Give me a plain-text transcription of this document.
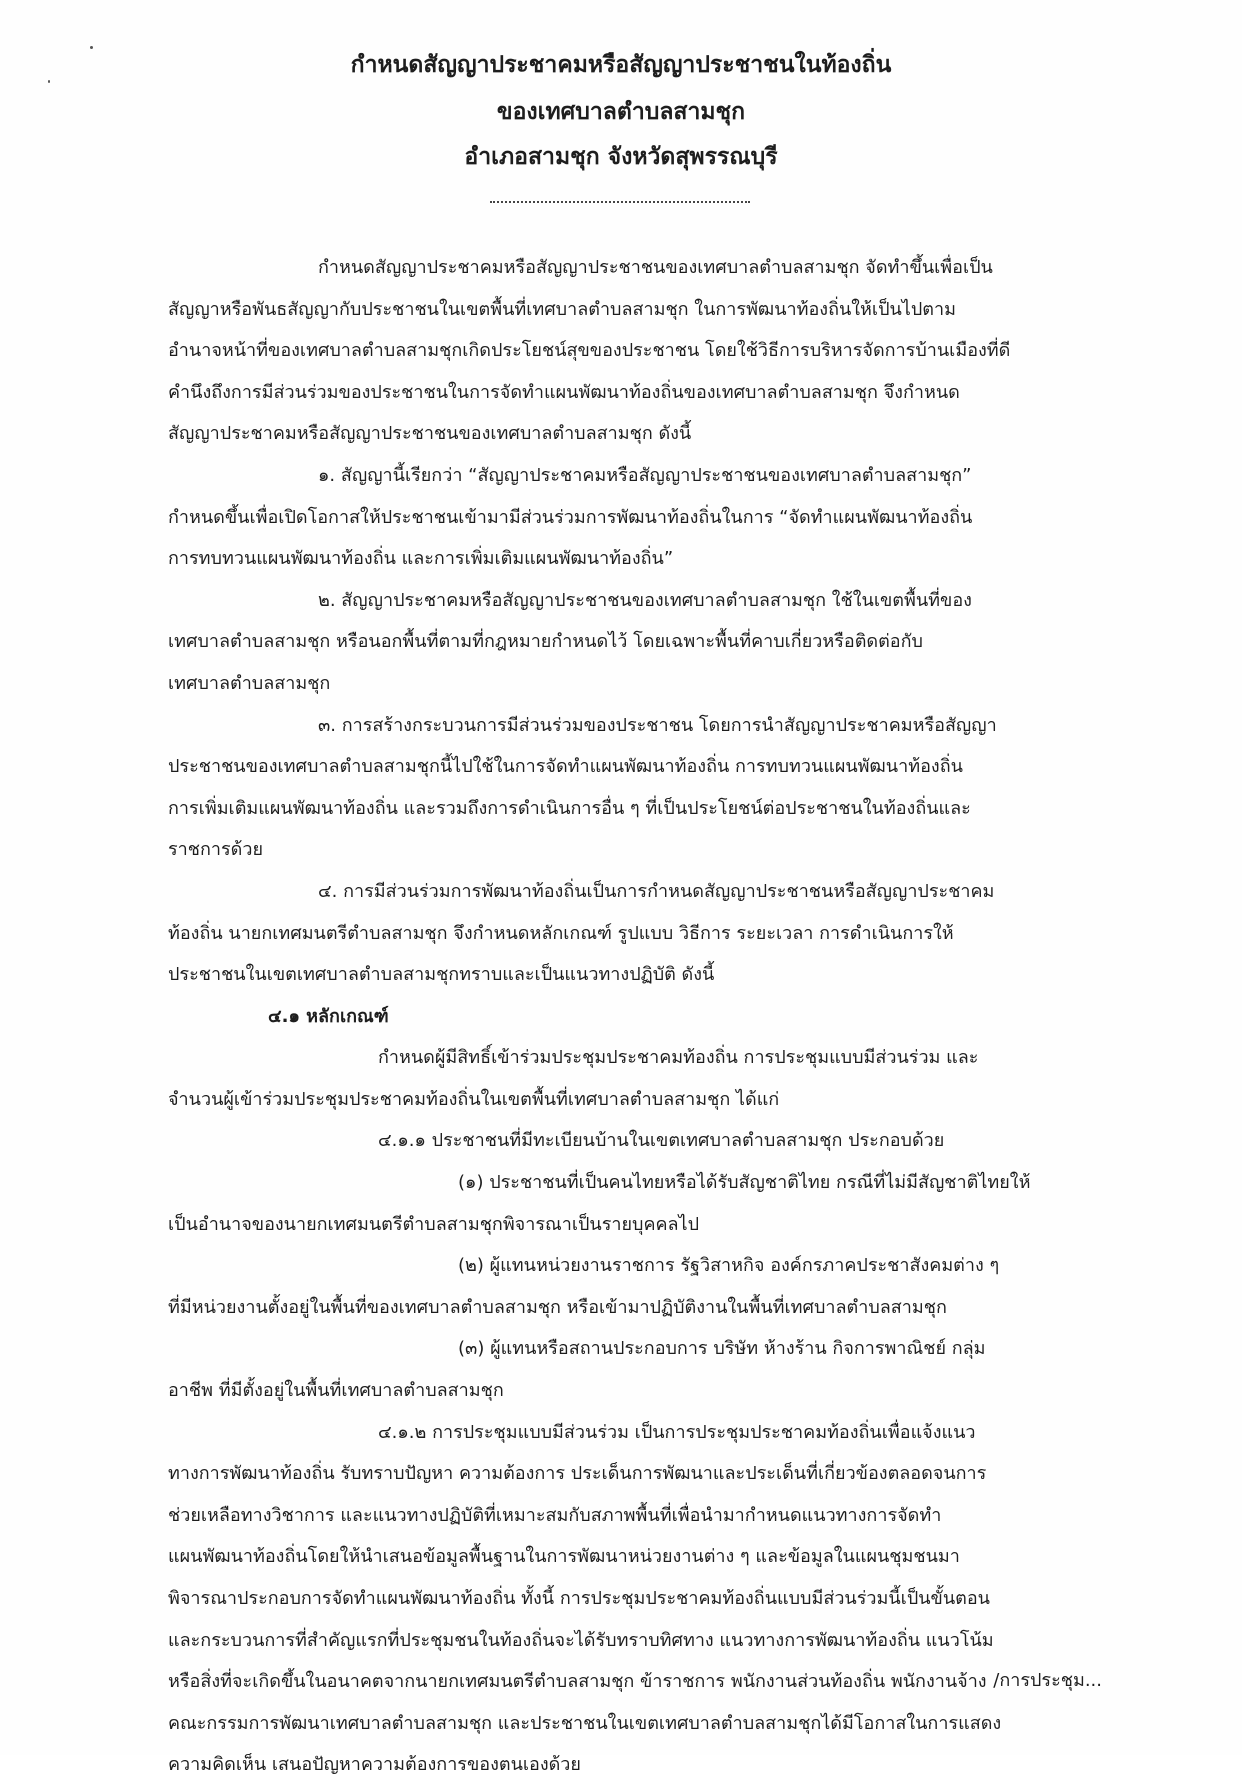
กำหนดสัญญาประชาคมหรือสัญญาประชาชนในท้องถิ่น
ของเทศบาลตำบลสามชุก
อำเภอสามชุก จังหวัดสุพรรณบุรี
กำหนดสัญญาประชาคมหรือสัญญาประชาชนของเทศบาลตำบลสามชุก จัดทำขึ้นเพื่อเป็น
สัญญาหรือพันธสัญญากับประชาชนในเขตพื้นที่เทศบาลตำบลสามชุก ในการพัฒนาท้องถิ่นให้เป็นไปตาม
อำนาจหน้าที่ของเทศบาลตำบลสามชุกเกิดประโยชน์สุขของประชาชน โดยใช้วิธีการบริหารจัดการบ้านเมืองที่ดี
คำนึงถึงการมีส่วนร่วมของประชาชนในการจัดทำแผนพัฒนาท้องถิ่นของเทศบาลตำบลสามชุก จึงกำหนด
สัญญาประชาคมหรือสัญญาประชาชนของเทศบาลตำบลสามชุก ดังนี้
๑. สัญญานี้เรียกว่า “สัญญาประชาคมหรือสัญญาประชาชนของเทศบาลตำบลสามชุก”
กำหนดขึ้นเพื่อเปิดโอกาสให้ประชาชนเข้ามามีส่วนร่วมการพัฒนาท้องถิ่นในการ “จัดทำแผนพัฒนาท้องถิ่น
การทบทวนแผนพัฒนาท้องถิ่น และการเพิ่มเติมแผนพัฒนาท้องถิ่น”
๒. สัญญาประชาคมหรือสัญญาประชาชนของเทศบาลตำบลสามชุก ใช้ในเขตพื้นที่ของ
เทศบาลตำบลสามชุก หรือนอกพื้นที่ตามที่กฎหมายกำหนดไว้ โดยเฉพาะพื้นที่คาบเกี่ยวหรือติดต่อกับ
เทศบาลตำบลสามชุก
๓. การสร้างกระบวนการมีส่วนร่วมของประชาชน โดยการนำสัญญาประชาคมหรือสัญญา
ประชาชนของเทศบาลตำบลสามชุกนี้ไปใช้ในการจัดทำแผนพัฒนาท้องถิ่น การทบทวนแผนพัฒนาท้องถิ่น
การเพิ่มเติมแผนพัฒนาท้องถิ่น และรวมถึงการดำเนินการอื่น ๆ ที่เป็นประโยชน์ต่อประชาชนในท้องถิ่นและ
ราชการด้วย
๔. การมีส่วนร่วมการพัฒนาท้องถิ่นเป็นการกำหนดสัญญาประชาชนหรือสัญญาประชาคม
ท้องถิ่น นายกเทศมนตรีตำบลสามชุก จึงกำหนดหลักเกณฑ์ รูปแบบ วิธีการ ระยะเวลา การดำเนินการให้
ประชาชนในเขตเทศบาลตำบลสามชุกทราบและเป็นแนวทางปฏิบัติ ดังนี้
๔.๑ หลักเกณฑ์
กำหนดผู้มีสิทธิ์เข้าร่วมประชุมประชาคมท้องถิ่น การประชุมแบบมีส่วนร่วม และ
จำนวนผู้เข้าร่วมประชุมประชาคมท้องถิ่นในเขตพื้นที่เทศบาลตำบลสามชุก ได้แก่
๔.๑.๑ ประชาชนที่มีทะเบียนบ้านในเขตเทศบาลตำบลสามชุก ประกอบด้วย
(๑) ประชาชนที่เป็นคนไทยหรือได้รับสัญชาติไทย กรณีที่ไม่มีสัญชาติไทยให้
เป็นอำนาจของนายกเทศมนตรีตำบลสามชุกพิจารณาเป็นรายบุคคลไป
(๒) ผู้แทนหน่วยงานราชการ รัฐวิสาหกิจ องค์กรภาคประชาสังคมต่าง ๆ
ที่มีหน่วยงานตั้งอยู่ในพื้นที่ของเทศบาลตำบลสามชุก หรือเข้ามาปฏิบัติงานในพื้นที่เทศบาลตำบลสามชุก
(๓) ผู้แทนหรือสถานประกอบการ บริษัท ห้างร้าน กิจการพาณิชย์ กลุ่ม
อาชีพ ที่มีตั้งอยู่ในพื้นที่เทศบาลตำบลสามชุก
๔.๑.๒ การประชุมแบบมีส่วนร่วม เป็นการประชุมประชาคมท้องถิ่นเพื่อแจ้งแนว
ทางการพัฒนาท้องถิ่น รับทราบปัญหา ความต้องการ ประเด็นการพัฒนาและประเด็นที่เกี่ยวข้องตลอดจนการ
ช่วยเหลือทางวิชาการ และแนวทางปฏิบัติที่เหมาะสมกับสภาพพื้นที่เพื่อนำมากำหนดแนวทางการจัดทำ
แผนพัฒนาท้องถิ่นโดยให้นำเสนอข้อมูลพื้นฐานในการพัฒนาหน่วยงานต่าง ๆ และข้อมูลในแผนชุมชนมา
พิจารณาประกอบการจัดทำแผนพัฒนาท้องถิ่น ทั้งนี้ การประชุมประชาคมท้องถิ่นแบบมีส่วนร่วมนี้เป็นขั้นตอน
และกระบวนการที่สำคัญแรกที่ประชุมชนในท้องถิ่นจะได้รับทราบทิศทาง แนวทางการพัฒนาท้องถิ่น แนวโน้ม
หรือสิ่งที่จะเกิดขึ้นในอนาคตจากนายกเทศมนตรีตำบลสามชุก ข้าราชการ พนักงานส่วนท้องถิ่น พนักงานจ้าง
คณะกรรมการพัฒนาเทศบาลตำบลสามชุก และประชาชนในเขตเทศบาลตำบลสามชุกได้มีโอกาสในการแสดง
ความคิดเห็น เสนอปัญหาความต้องการของตนเองด้วย
/การประชุม...
